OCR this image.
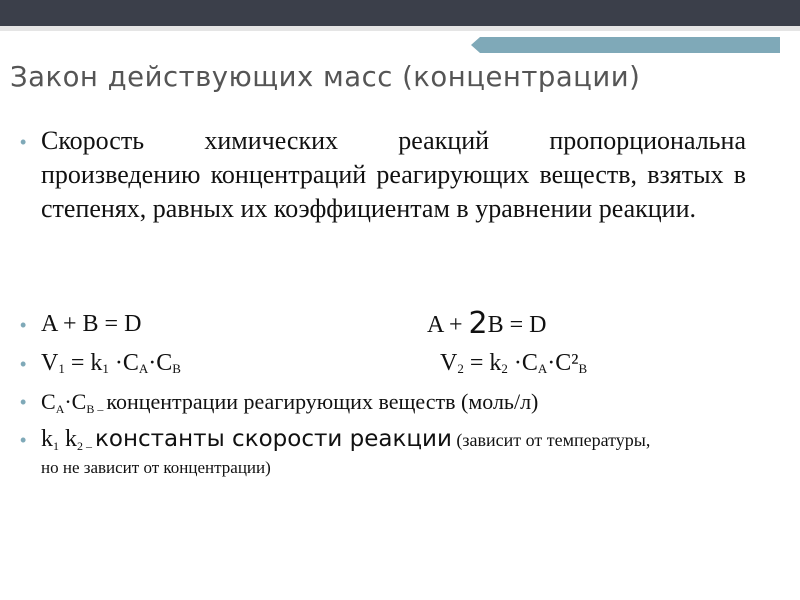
Закон действующих масс (концентрации)
• Скорость химических реакций пропорциональна произведению концентраций реагирующих веществ, взятых в степенях, равных их коэффициентам в уравнении реакции.

• A + B = D	A + 2B = D
• $V_1 = k_1 \cdot C_A\cdot C_B$	$V_2 = k_2 \cdot C_A\cdot C^2_B$
• CA·CB – концентрации реагирующих веществ (моль/л)
• k1 k2 – константы скорости реакции (зависит от температуры,

но не зависит от концентрации)
